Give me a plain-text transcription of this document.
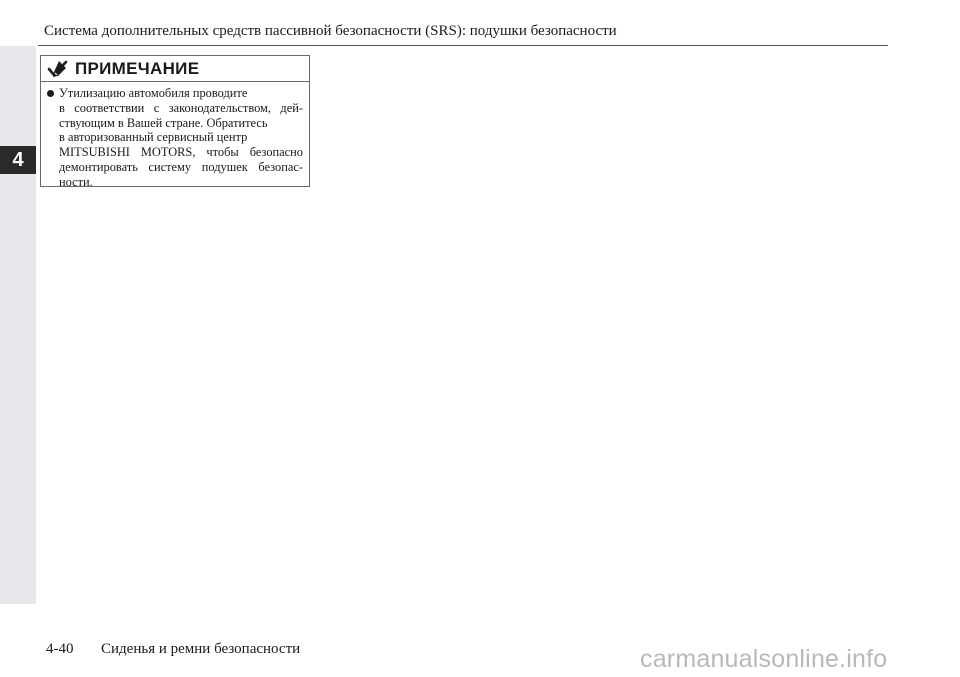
4
Система дополнительных средств пассивной безопасности (SRS): подушки безопасности
ПРИМЕЧАНИЕ
Утилизацию автомобиля проводите
в соответствии с законодательством, дей-
ствующим в Вашей стране. Обратитесь
в авторизованный сервисный центр
MITSUBISHI MOTORS, чтобы безопасно
демонтировать систему подушек безопас-
ности.
4-40 Сиденья и ремни безопасности	carmanualsonline.info
